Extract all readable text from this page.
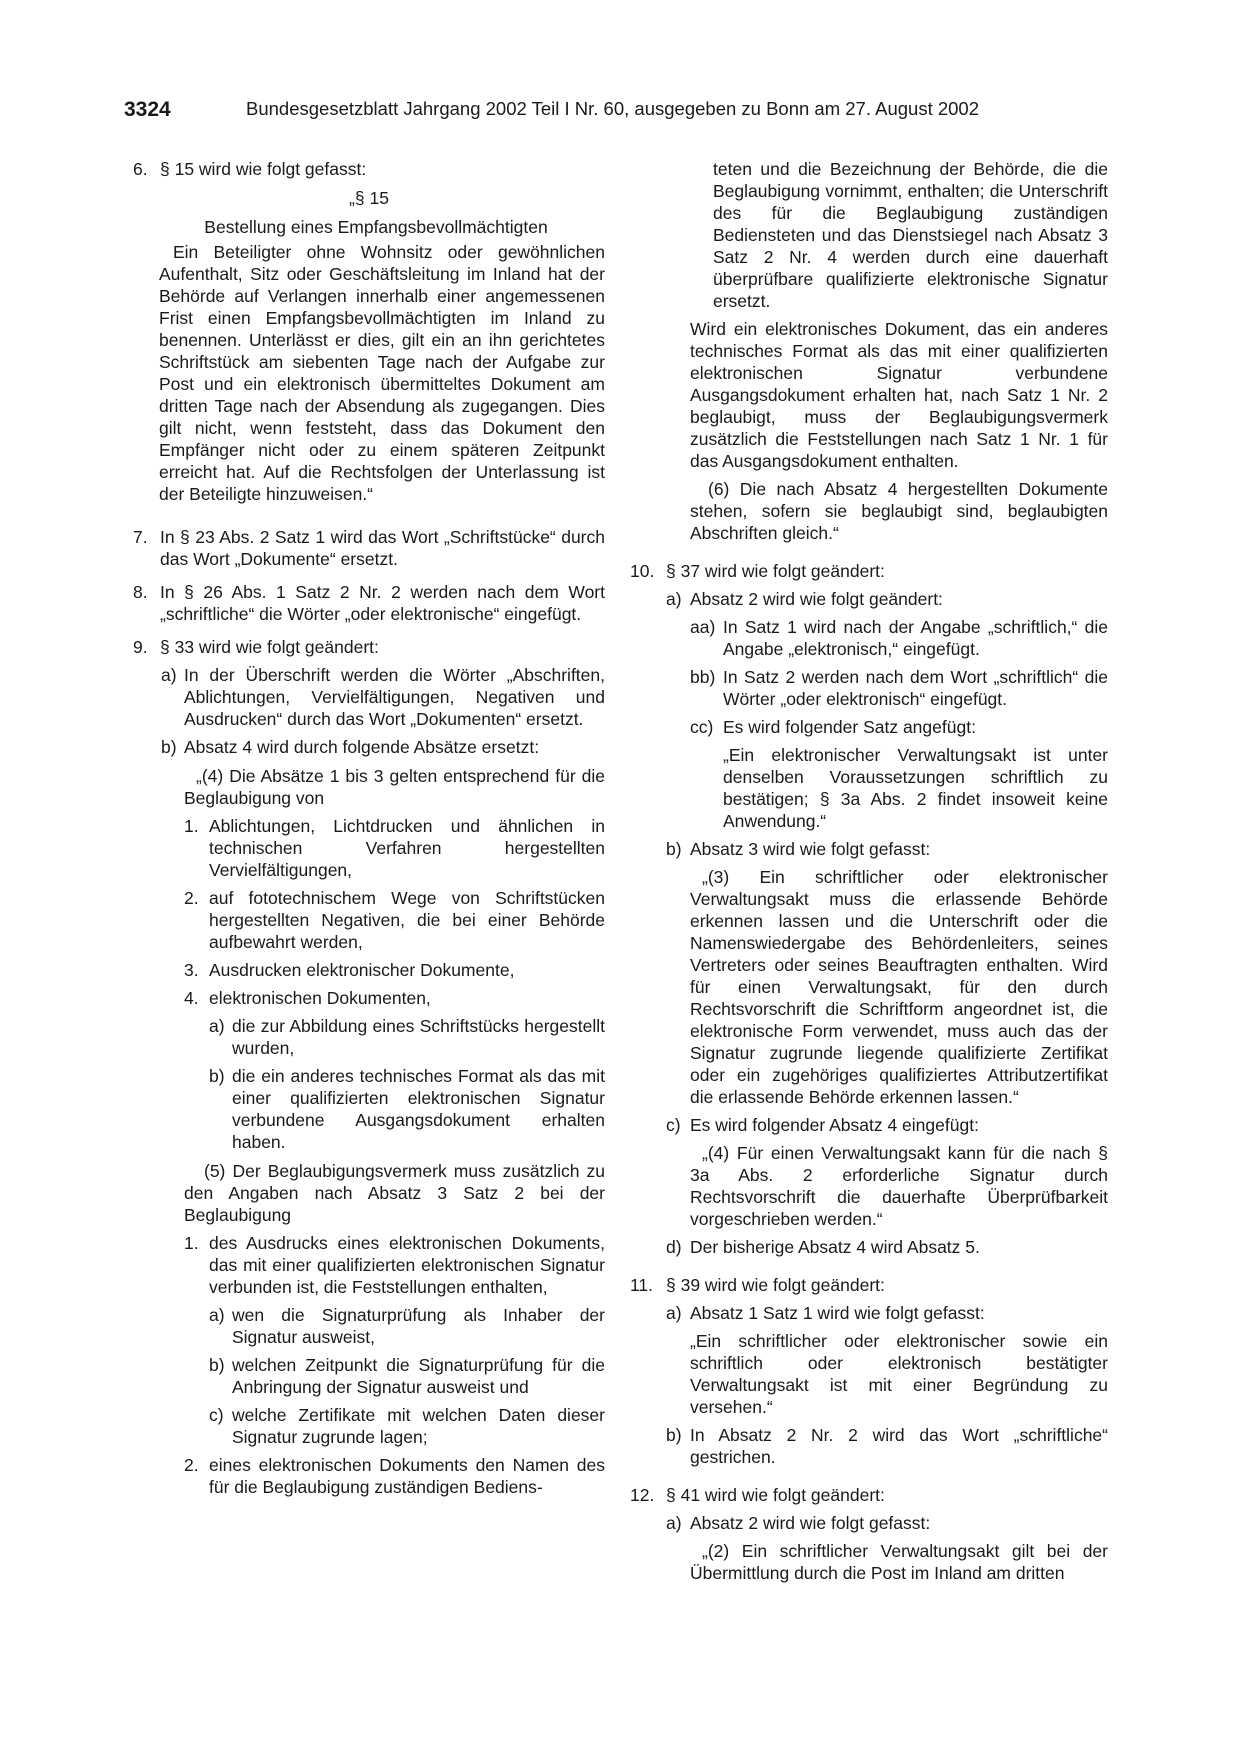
3324	Bundesgesetzblatt Jahrgang 2002 Teil I Nr. 60, ausgegeben zu Bonn am 27. August 2002
6. § 15 wird wie folgt gefasst:

„§ 15

Bestellung eines Empfangsbevollmächtigten

Ein Beteiligter ohne Wohnsitz oder gewöhnlichen Aufenthalt, Sitz oder Geschäftsleitung im Inland hat der Behörde auf Verlangen innerhalb einer angemessenen Frist einen Empfangsbevollmächtigten im Inland zu benennen. Unterlässt er dies, gilt ein an ihn gerichtetes Schriftstück am siebenten Tage nach der Aufgabe zur Post und ein elektronisch übermitteltes Dokument am dritten Tage nach der Absendung als zugegangen. Dies gilt nicht, wenn feststeht, dass das Dokument den Empfänger nicht oder zu einem späteren Zeitpunkt erreicht hat. Auf die Rechtsfolgen der Unterlassung ist der Beteiligte hinzuweisen.“

7. In § 23 Abs. 2 Satz 1 wird das Wort „Schriftstücke“ durch das Wort „Dokumente“ ersetzt.
8. In § 26 Abs. 1 Satz 2 Nr. 2 werden nach dem Wort „schriftliche“ die Wörter „oder elektronische“ eingefügt.
9. § 33 wird wie folgt geändert:
a) In der Überschrift werden die Wörter „Abschriften, Ablichtungen, Vervielfältigungen, Negativen und Ausdrucken“ durch das Wort „Dokumenten“ ersetzt.
b) Absatz 4 wird durch folgende Absätze ersetzt:

„(4) Die Absätze 1 bis 3 gelten entsprechend für die Beglaubigung von

1. Ablichtungen, Lichtdrucken und ähnlichen in technischen Verfahren hergestellten Vervielfältigungen,
2. auf fototechnischem Wege von Schriftstücken hergestellten Negativen, die bei einer Behörde aufbewahrt werden,
3. Ausdrucken elektronischer Dokumente,
4. elektronischen Dokumenten,
a) die zur Abbildung eines Schriftstücks hergestellt wurden,
b) die ein anderes technisches Format als das mit einer qualifizierten elektronischen Signatur verbundene Ausgangsdokument erhalten haben.

(5) Der Beglaubigungsvermerk muss zusätzlich zu den Angaben nach Absatz 3 Satz 2 bei der Beglaubigung

1. des Ausdrucks eines elektronischen Dokuments, das mit einer qualifizierten elektronischen Signatur verbunden ist, die Feststellungen enthalten,
a) wen die Signaturprüfung als Inhaber der Signatur ausweist,
b) welchen Zeitpunkt die Signaturprüfung für die Anbringung der Signatur ausweist und
c) welche Zertifikate mit welchen Daten dieser Signatur zugrunde lagen;
2. eines elektronischen Dokuments den Namen des für die Beglaubigung zuständigen Bediens-

teten und die Bezeichnung der Behörde, die die Beglaubigung vornimmt, enthalten; die Unterschrift des für die Beglaubigung zuständigen Bediensteten und das Dienstsiegel nach Absatz 3 Satz 2 Nr. 4 werden durch eine dauerhaft überprüfbare qualifizierte elektronische Signatur ersetzt.

Wird ein elektronisches Dokument, das ein anderes technisches Format als das mit einer qualifizierten elektronischen Signatur verbundene Ausgangsdokument erhalten hat, nach Satz 1 Nr. 2 beglaubigt, muss der Beglaubigungsvermerk zusätzlich die Feststellungen nach Satz 1 Nr. 1 für das Ausgangsdokument enthalten.

(6) Die nach Absatz 4 hergestellten Dokumente stehen, sofern sie beglaubigt sind, beglaubigten Abschriften gleich.“

10. § 37 wird wie folgt geändert:
a) Absatz 2 wird wie folgt geändert:
aa) In Satz 1 wird nach der Angabe „schriftlich,“ die Angabe „elektronisch,“ eingefügt.
bb) In Satz 2 werden nach dem Wort „schriftlich“ die Wörter „oder elektronisch“ eingefügt.
cc) Es wird folgender Satz angefügt:

„Ein elektronischer Verwaltungsakt ist unter denselben Voraussetzungen schriftlich zu bestätigen; § 3a Abs. 2 findet insoweit keine Anwendung.“

b) Absatz 3 wird wie folgt gefasst:

„(3) Ein schriftlicher oder elektronischer Verwaltungsakt muss die erlassende Behörde erkennen lassen und die Unterschrift oder die Namenswiedergabe des Behördenleiters, seines Vertreters oder seines Beauftragten enthalten. Wird für einen Verwaltungsakt, für den durch Rechtsvorschrift die Schriftform angeordnet ist, die elektronische Form verwendet, muss auch das der Signatur zugrunde liegende qualifizierte Zertifikat oder ein zugehöriges qualifiziertes Attributzertifikat die erlassende Behörde erkennen lassen.“

c) Es wird folgender Absatz 4 eingefügt:

„(4) Für einen Verwaltungsakt kann für die nach § 3a Abs. 2 erforderliche Signatur durch Rechtsvorschrift die dauerhafte Überprüfbarkeit vorgeschrieben werden.“

d) Der bisherige Absatz 4 wird Absatz 5.
11. § 39 wird wie folgt geändert:
a) Absatz 1 Satz 1 wird wie folgt gefasst:

„Ein schriftlicher oder elektronischer sowie ein schriftlich oder elektronisch bestätigter Verwaltungsakt ist mit einer Begründung zu versehen.“

b) In Absatz 2 Nr. 2 wird das Wort „schriftliche“ gestrichen.
12. § 41 wird wie folgt geändert:
a) Absatz 2 wird wie folgt gefasst:

„(2) Ein schriftlicher Verwaltungsakt gilt bei der Übermittlung durch die Post im Inland am dritten
